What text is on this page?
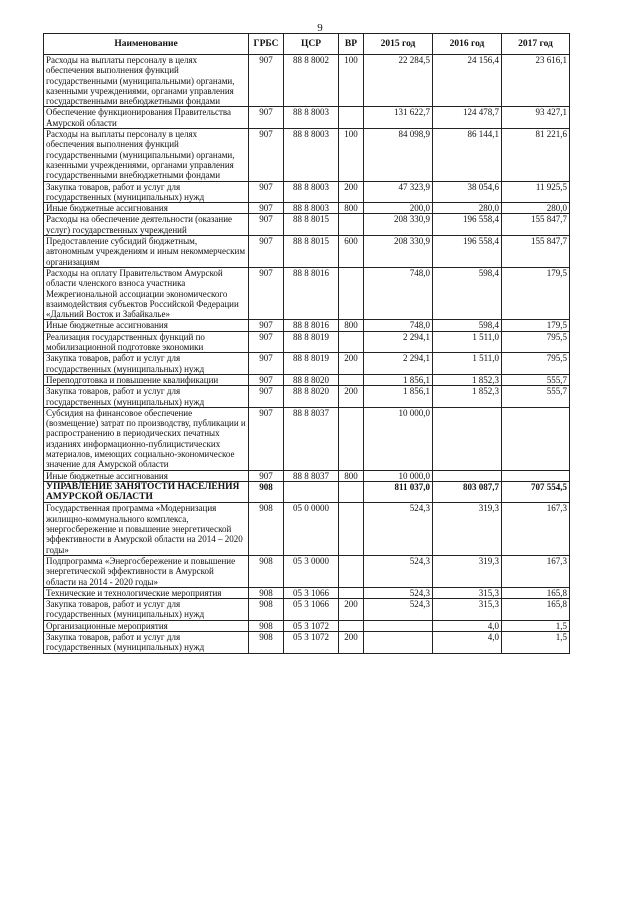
9
Наименование	ГРБС	ЦСР	ВР	2015 год	2016 год	2017 год
Расходы на выплаты персоналу в целях обеспечения выполнения функций государственными (муниципальными) органами, казенными учреждениями, органами управления государственными внебюджетными фондами	907	88 8 8002	100	22 284,5	24 156,4	23 616,1
Обеспечение функционирования Правительства Амурской области	907	88 8 8003		131 622,7	124 478,7	93 427,1
Расходы на выплаты персоналу в целях обеспечения выполнения функций государственными (муниципальными) органами, казенными учреждениями, органами управления государственными внебюджетными фондами	907	88 8 8003	100	84 098,9	86 144,1	81 221,6
Закупка товаров, работ и услуг для государственных (муниципальных) нужд	907	88 8 8003	200	47 323,9	38 054,6	11 925,5
Иные бюджетные ассигнования	907	88 8 8003	800	200,0	280,0	280,0
Расходы на обеспечение деятельности (оказание услуг) государственных учреждений	907	88 8 8015		208 330,9	196 558,4	155 847,7
Предоставление субсидий бюджетным, автономным учреждениям и иным некоммерческим организациям	907	88 8 8015	600	208 330,9	196 558,4	155 847,7
Расходы на оплату Правительством Амурской области членского взноса участника Межрегиональной ассоциации экономического взаимодействия субъектов Российской Федерации «Дальний Восток и Забайкалье»	907	88 8 8016		748,0	598,4	179,5
Иные бюджетные ассигнования	907	88 8 8016	800	748,0	598,4	179,5
Реализация государственных функций по мобилизационной подготовке экономики	907	88 8 8019		2 294,1	1 511,0	795,5
Закупка товаров, работ и услуг для государственных (муниципальных) нужд	907	88 8 8019	200	2 294,1	1 511,0	795,5
Переподготовка и повышение квалификации	907	88 8 8020		1 856,1	1 852,3	555,7
Закупка товаров, работ и услуг для государственных (муниципальных) нужд	907	88 8 8020	200	1 856,1	1 852,3	555,7
Субсидия на финансовое обеспечение (возмещение) затрат по производству, публикации и распространению в периодических печатных изданиях информационно-публицистических материалов, имеющих социально-экономическое значение для Амурской области	907	88 8 8037		10 000,0		
Иные бюджетные ассигнования	907	88 8 8037	800	10 000,0		
УПРАВЛЕНИЕ ЗАНЯТОСТИ НАСЕЛЕНИЯ АМУРСКОЙ ОБЛАСТИ	908			811 037,0	803 087,7	707 554,5
Государственная программа «Модернизация жилищно-коммунального комплекса, энергосбережение и повышение энергетической эффективности в Амурской области на 2014 – 2020 годы»	908	05 0 0000		524,3	319,3	167,3
Подпрограмма «Энергосбережение и повышение энергетической эффективности в Амурской области на 2014 - 2020 годы»	908	05 3 0000		524,3	319,3	167,3
Технические и технологические мероприятия	908	05 3 1066		524,3	315,3	165,8
Закупка товаров, работ и услуг для государственных (муниципальных) нужд	908	05 3 1066	200	524,3	315,3	165,8
Организационные мероприятия	908	05 3 1072			4,0	1,5
Закупка товаров, работ и услуг для государственных (муниципальных) нужд	908	05 3 1072	200		4,0	1,5
